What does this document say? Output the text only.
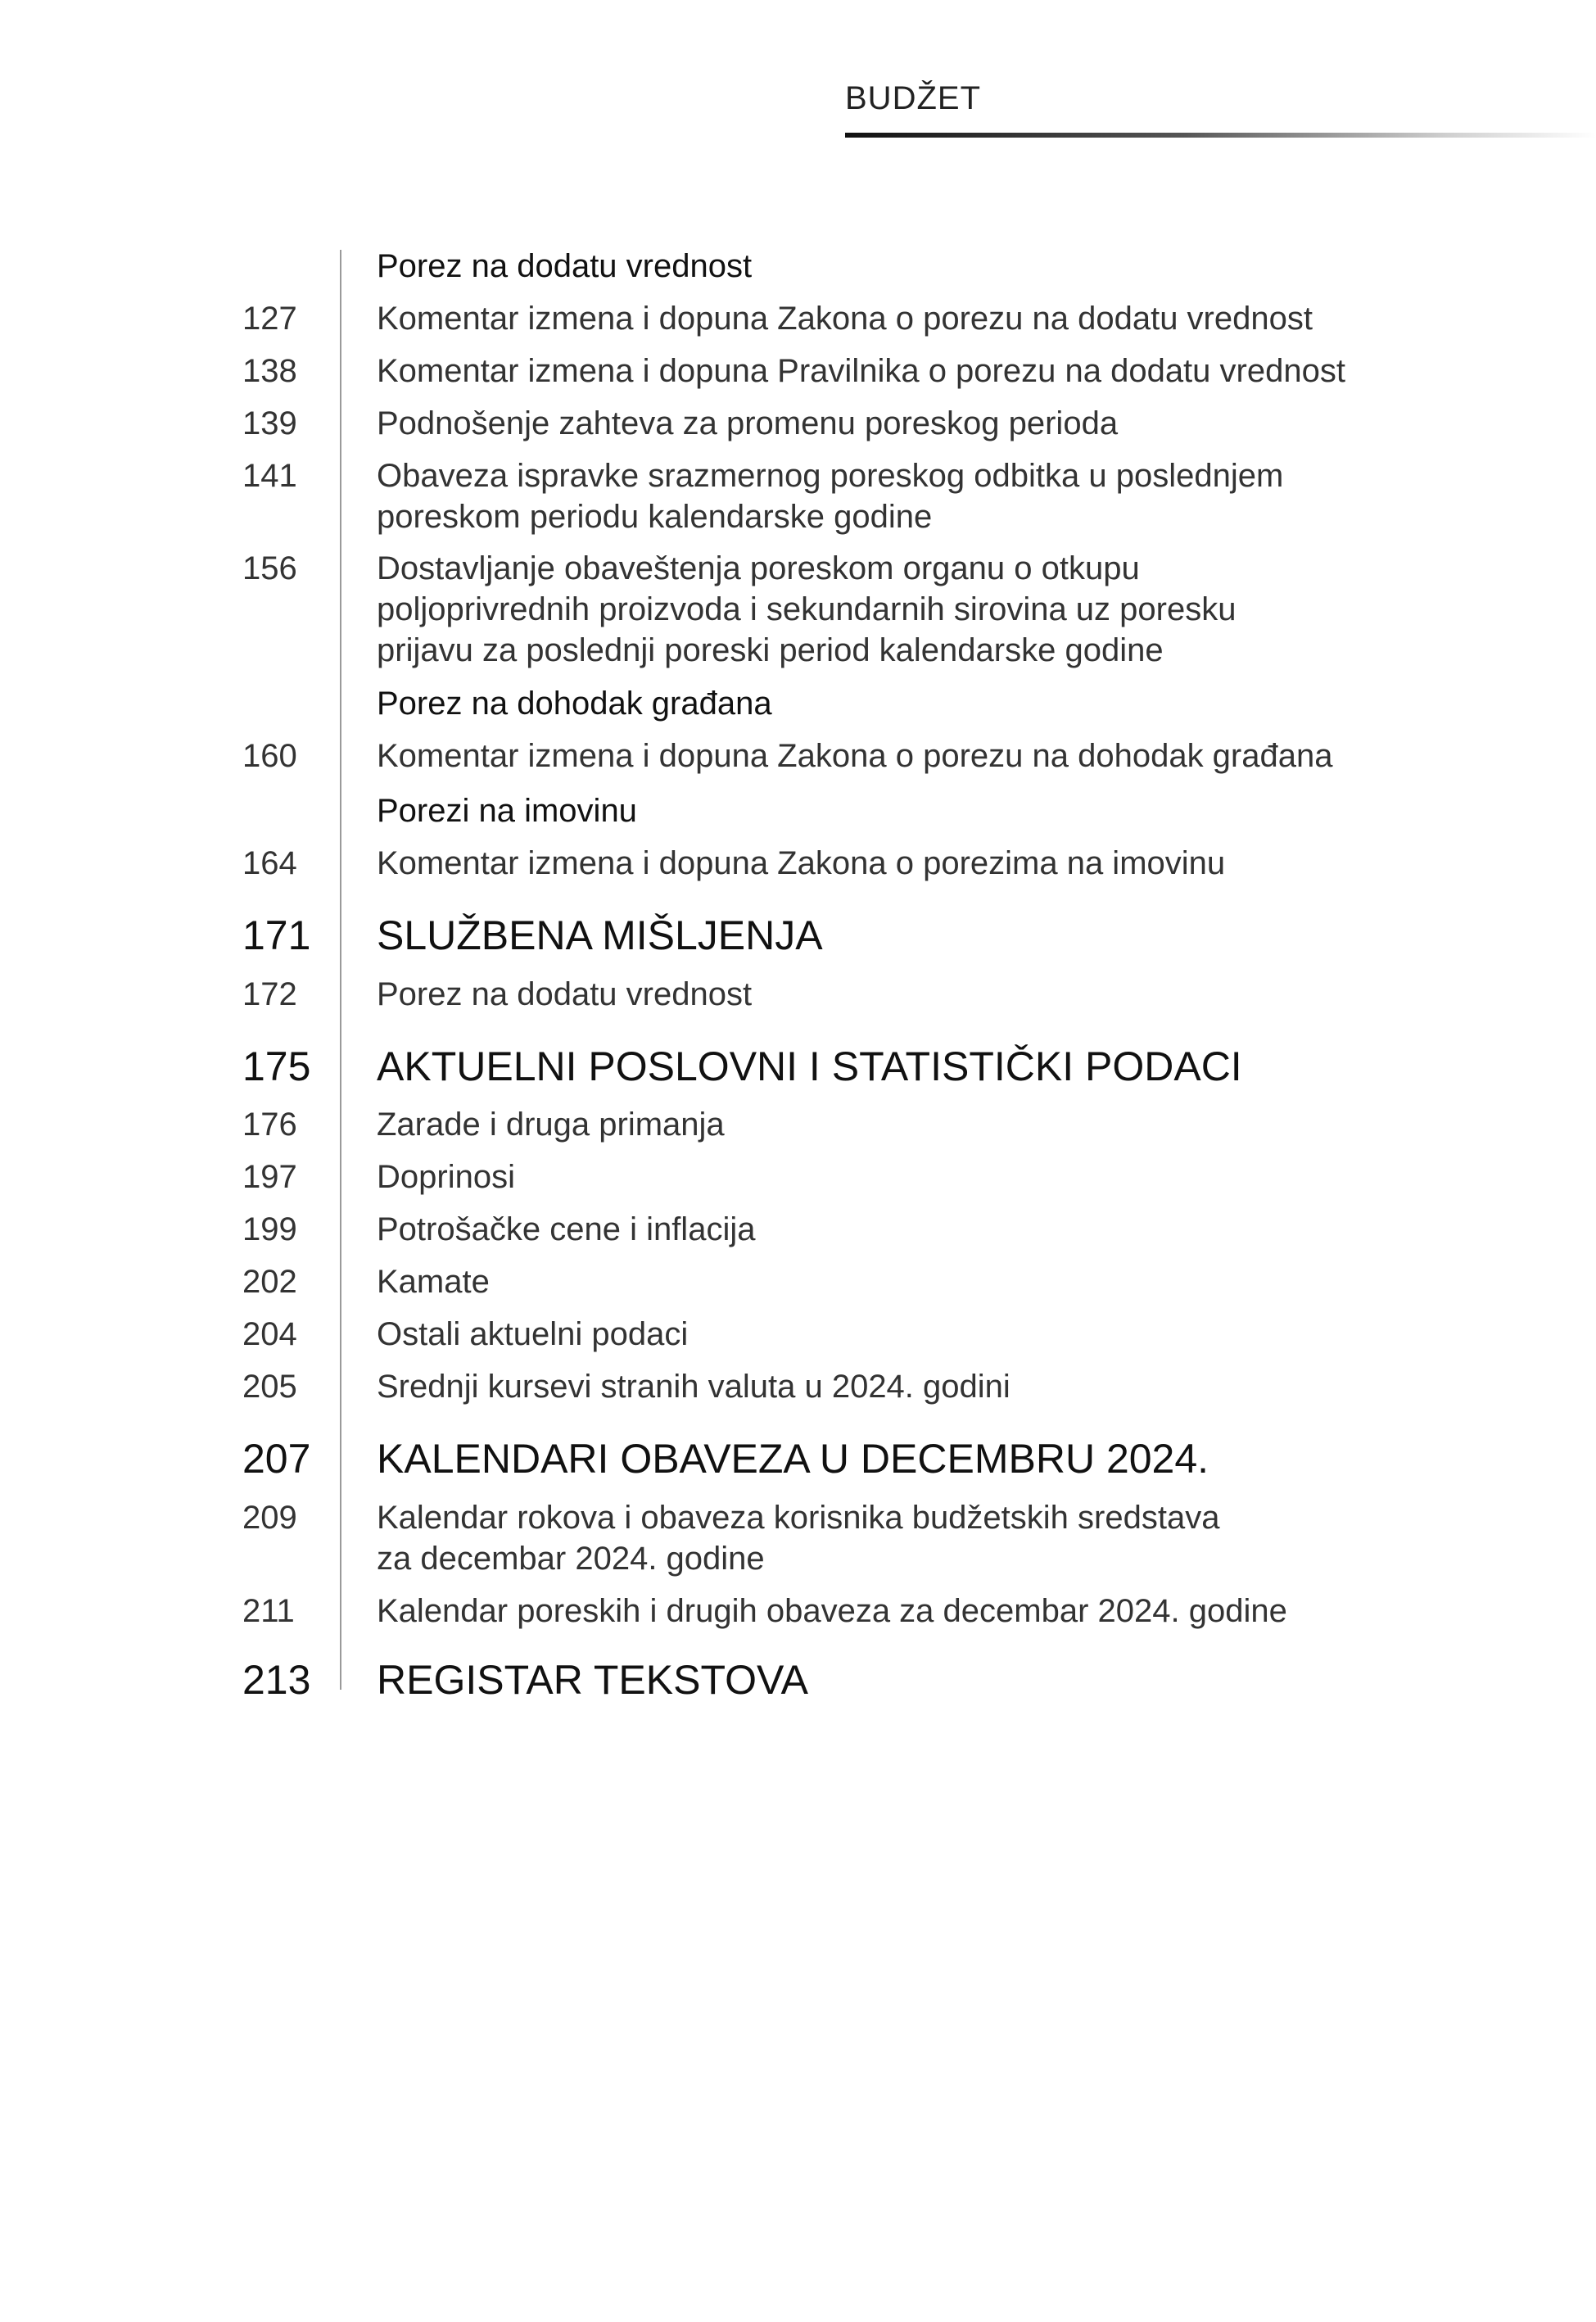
BUDŽET
Porez na dodatu vrednost
127 Komentar izmena i dopuna Zakona o porezu na dodatu vrednost
138 Komentar izmena i dopuna Pravilnika o porezu na dodatu vrednost
139 Podnošenje zahteva za promenu poreskog perioda
141 Obaveza ispravke srazmernog poreskog odbitka u poslednjem
poreskom periodu kalendarske godine
156 Dostavljanje obaveštenja poreskom organu o otkupu
poljoprivrednih proizvoda i sekundarnih sirovina uz poresku
prijavu za poslednji poreski period kalendarske godine
Porez na dohodak građana
160 Komentar izmena i dopuna Zakona o porezu na dohodak građana
Porezi na imovinu
164 Komentar izmena i dopuna Zakona o porezima na imovinu
171 SLUŽBENA MIŠLJENJA
172 Porez na dodatu vrednost
175 AKTUELNI POSLOVNI I STATISTIČKI PODACI
176 Zarade i druga primanja
197 Doprinosi
199 Potrošačke cene i inflacija
202 Kamate
204 Ostali aktuelni podaci
205 Srednji kursevi stranih valuta u 2024. godini
207 KALENDARI OBAVEZA U DECEMBRU 2024.
209 Kalendar rokova i obaveza korisnika budžetskih sredstava
za decembar 2024. godine
211	Kalendar poreskih i drugih obaveza za decembar 2024. godine
213 REGISTAR TEKSTOVA
